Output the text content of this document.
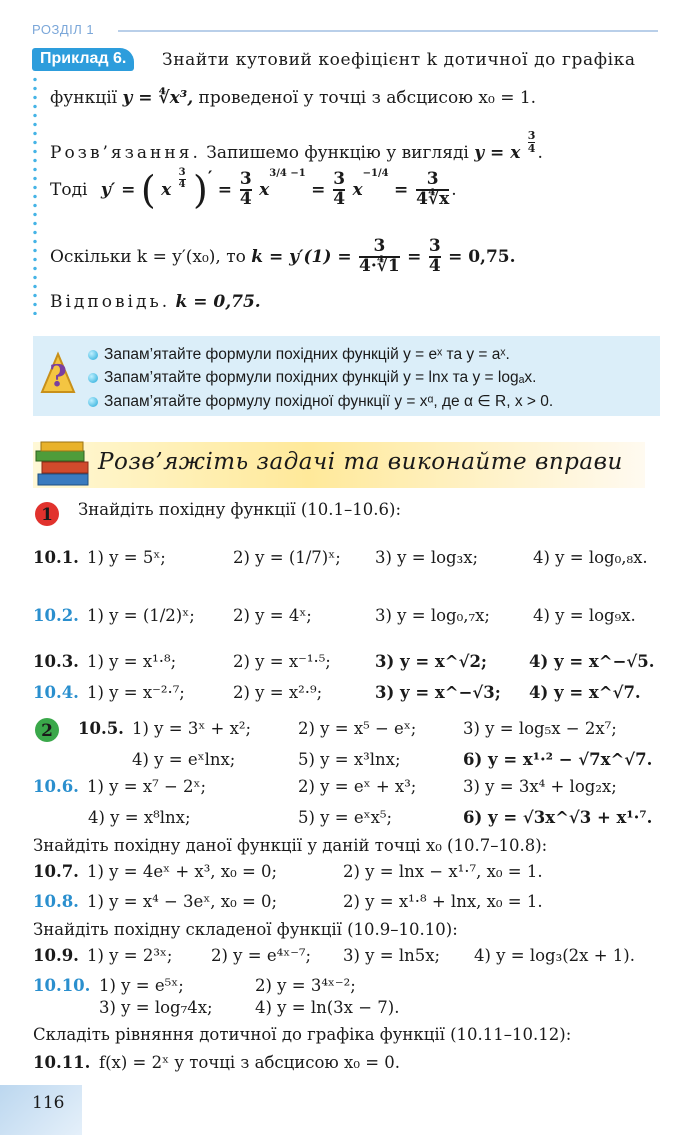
РОЗДІЛ 1
Приклад 6.	Знайти кутовий коефіцієнт k дотичної до графіка
функції y = ∜x³, проведеної у точці з абсцисою x₀ = 1.
Розв’язання. Запишемо функцію у вигляді y = x $\frac{3}{4}$ .
Тоді y′ = ( x $\frac{3}{4}$ )′ = $\frac{3}{4} x^{3/4 -1} = \frac{3}{4} x^{-1/4} = \frac{3}{4∜x}$ .
Оскільки k = y′(x₀), то $k = y'(1) = \frac{3}{4\cdot∜1} = \frac{3}{4} = 0,75$.
Відповідь. k = 0,75.
Запам’ятайте формули похідних функцій y = eˣ та y = aˣ.
Запам’ятайте формули похідних функцій y = lnx та y = logₐx.
Запам’ятайте формулу похідної функції y = xᵅ, де α ∈ R, x > 0.
?
Розв’яжіть задачі та виконайте вправи
1 Знайдіть похідну функції (10.1–10.6):
10.1. 1) y = 5ˣ;	2) y = (1/7)ˣ; 3) y = log₃x;	4) y = log₀,₈x.
10.2. 1) y = (1/2)ˣ; 2) y = 4ˣ;	3) y = log₀,₇x;	4) y = log₉x.
10.3. 1) y = x¹·⁸;	2) y = x⁻¹·⁵;	3) y = x^√2;	4) y = x^−√5.
10.4. 1) y = x⁻²·⁷;	2) y = x²·⁹;	3) y = x^−√3; 4) y = x^√7.
2 10.5. 1) y = 3ˣ + x²;	2) y = x⁵ − eˣ;	3) y = log₅x − 2x⁷;
4) y = eˣlnx;	5) y = x³lnx;	6) y = x¹·² − √7x^√7.
10.6. 1) y = x⁷ − 2ˣ;	2) y = eˣ + x³;	3) y = 3x⁴ + log₂x;
4) y = x⁸lnx;	5) y = eˣx⁵;	6) y = √3x^√3 + x¹·⁷.
Знайдіть похідну даної функції у даній точці x₀ (10.7–10.8):
10.7. 1) y = 4eˣ + x³, x₀ = 0;	2) y = lnx − x¹·⁷, x₀ = 1.
10.8. 1) y = x⁴ − 3eˣ, x₀ = 0;	2) y = x¹·⁸ + lnx, x₀ = 1.
Знайдіть похідну складеної функції (10.9–10.10):
10.9. 1) y = 2³ˣ; 2) y = e⁴ˣ⁻⁷; 3) y = ln5x; 4) y = log₃(2x + 1).
10.10. 1) y = e⁵ˣ;	2) y = 3⁴ˣ⁻²;
3) y = log₇4x;	4) y = ln(3x − 7).
Складіть рівняння дотичної до графіка функції (10.11–10.12):
10.11. f(x) = 2ˣ у точці з абсцисою x₀ = 0.
116
